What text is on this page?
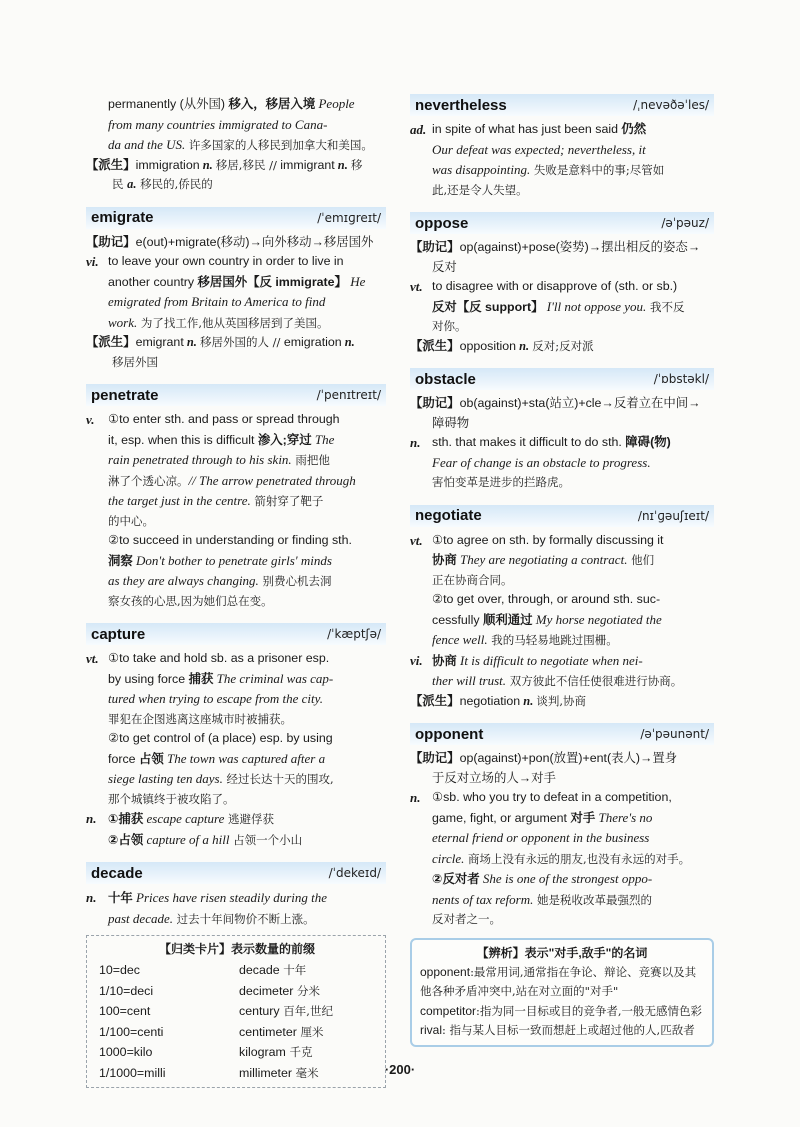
permanently (从外国) 移入，移居入境 People

from many countries immigrated to Cana-

da and the US. 许多国家的人移民到加拿大和美国。

【派生】immigration n. 移居,移民 // immigrant n. 移

民 a. 移民的,侨民的

emigrate	/ˈemɪɡreɪt/

【助记】e(out)+migrate(移动)→向外移动→移居国外

vi. to leave your own country in order to live in

another country 移居国外【反 immigrate】 He

emigrated from Britain to America to find

work. 为了找工作,他从英国移居到了美国。

【派生】emigrant n. 移居外国的人 // emigration n.

移居外国

penetrate	/ˈpenɪtreɪt/

v. ①to enter sth. and pass or spread through

it, esp. when this is difficult 渗入;穿过 The

rain penetrated through to his skin. 雨把他

淋了个透心凉。// The arrow penetrated through

the target just in the centre. 箭射穿了靶子

的中心。

②to succeed in understanding or finding sth.

洞察 Don't bother to penetrate girls' minds

as they are always changing. 别费心机去洞

察女孩的心思,因为她们总在变。

capture	/ˈkæptʃə/

vt. ①to take and hold sb. as a prisoner esp.

by using force 捕获 The criminal was cap-

tured when trying to escape from the city.

罪犯在企图逃离这座城市时被捕获。

②to get control of (a place) esp. by using

force 占领 The town was captured after a

siege lasting ten days. 经过长达十天的围攻,

那个城镇终于被攻陷了。

n. ①捕获 escape capture 逃避俘获

②占领 capture of a hill 占领一个小山

decade	/ˈdekeɪd/

n. 十年 Prices have risen steadily during the

past decade. 过去十年间物价不断上涨。

【归类卡片】表示数量的前缀
10=dec	decade 十年
1/10=deci	decimeter 分米
100=cent	century 百年,世纪
1/100=centi	centimeter 厘米
1000=kilo	kilogram 千克
1/1000=milli	millimeter 毫米
nevertheless	/ˌnevəðəˈles/

ad. in spite of what has just been said 仍然

Our defeat was expected; nevertheless, it

was disappointing. 失败是意料中的事;尽管如

此,还是令人失望。

oppose	/əˈpəuz/

【助记】op(against)+pose(姿势)→摆出相反的姿态→

反对

vt. to disagree with or disapprove of (sth. or sb.)

反对【反 support】 I'll not oppose you. 我不反

对你。

【派生】opposition n. 反对;反对派

obstacle	/ˈɒbstəkl/

【助记】ob(against)+sta(站立)+cle→反着立在中间→

障碍物

n. sth. that makes it difficult to do sth. 障碍(物)

Fear of change is an obstacle to progress.

害怕变革是进步的拦路虎。

negotiate	/nɪˈɡəuʃɪeɪt/

vt. ①to agree on sth. by formally discussing it

协商 They are negotiating a contract. 他们

正在协商合同。

②to get over, through, or around sth. suc-

cessfully 顺利通过 My horse negotiated the

fence well. 我的马轻易地跳过围栅。

vi. 协商 It is difficult to negotiate when nei-

ther will trust. 双方彼此不信任使很难进行协商。

【派生】negotiation n. 谈判,协商

opponent	/əˈpəunənt/

【助记】op(against)+pon(放置)+ent(表人)→置身

于反对立场的人→对手

n. ①sb. who you try to defeat in a competition,

game, fight, or argument 对手 There's no

eternal friend or opponent in the business

circle. 商场上没有永远的朋友,也没有永远的对手。

②反对者 She is one of the strongest oppo-

nents of tax reform. 她是税收改革最强烈的

反对者之一。

【辨析】表示"对手,敌手"的名词

opponent:最常用词,通常指在争论、辩论、竞赛以及其他各种矛盾冲突中,站在对立面的"对手"

competitor:指为同一目标或目的竞争者,一般无感情色彩

rival: 指与某人目标一致而想赶上或超过他的人,匹敌者

·200·
